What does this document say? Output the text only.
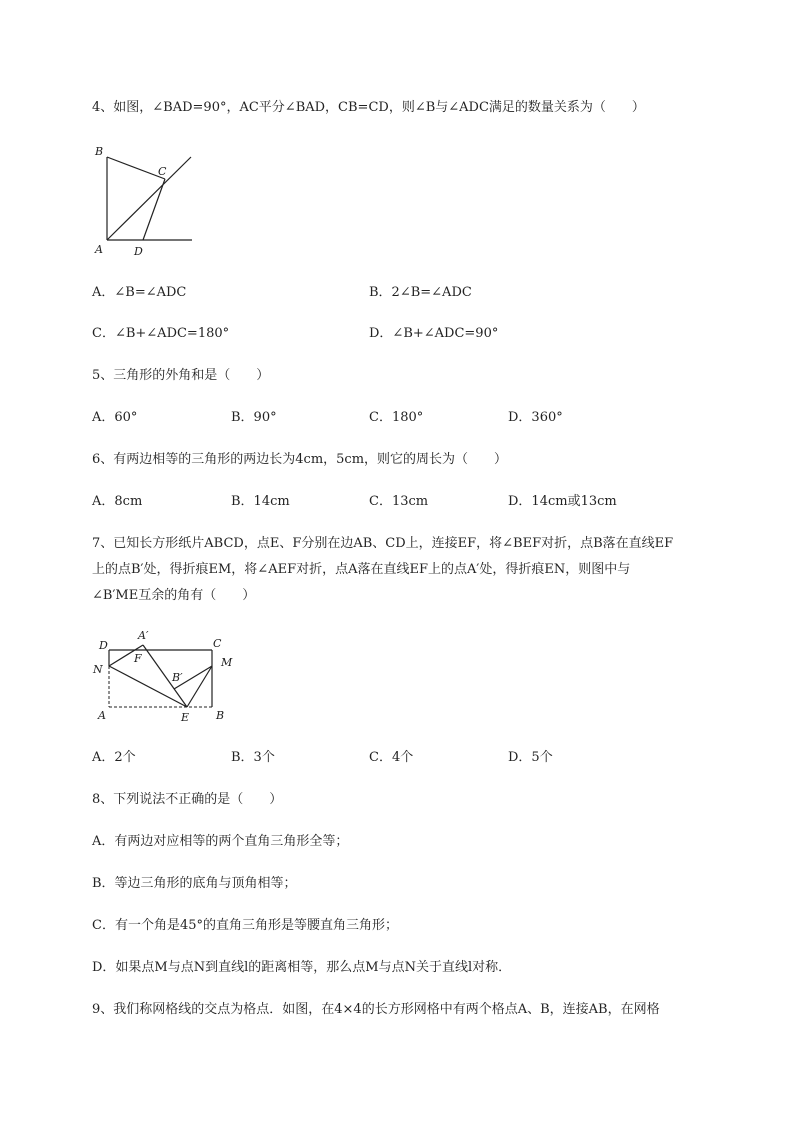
4、如图，∠BAD=90°，AC平分∠BAD，CB=CD，则∠B与∠ADC满足的数量关系为（　　）
B
C
A	D
A．∠B=∠ADC	B．2∠B=∠ADC
C．∠B+∠ADC=180°	D．∠B+∠ADC=90°
5、三角形的外角和是（　　）
A．60°	B．90°	C．180°	D．360°
6、有两边相等的三角形的两边长为4cm，5cm，则它的周长为（　　）
A．8cm	B．14cm	C．13cm	D．14cm或13cm
7、已知长方形纸片ABCD，点E、F分别在边AB、CD上，连接EF，将∠BEF对折，点B落在直线EF
上的点B′处，得折痕EM，将∠AEF对折，点A落在直线EF上的点A′处，得折痕EN，则图中与
∠B′ME互余的角有（　　）
D
A′
C
F
N
M
B′
A	E B
A．2个	B．3个	C．4个	D．5个
8、下列说法不正确的是（　　）
A．有两边对应相等的两个直角三角形全等；
B．等边三角形的底角与顶角相等；
C．有一个角是45°的直角三角形是等腰直角三角形；
D．如果点M与点N到直线l的距离相等，那么点M与点N关于直线l对称．
9、我们称网格线的交点为格点．如图，在4×4的长方形网格中有两个格点A、B，连接AB，在网格
